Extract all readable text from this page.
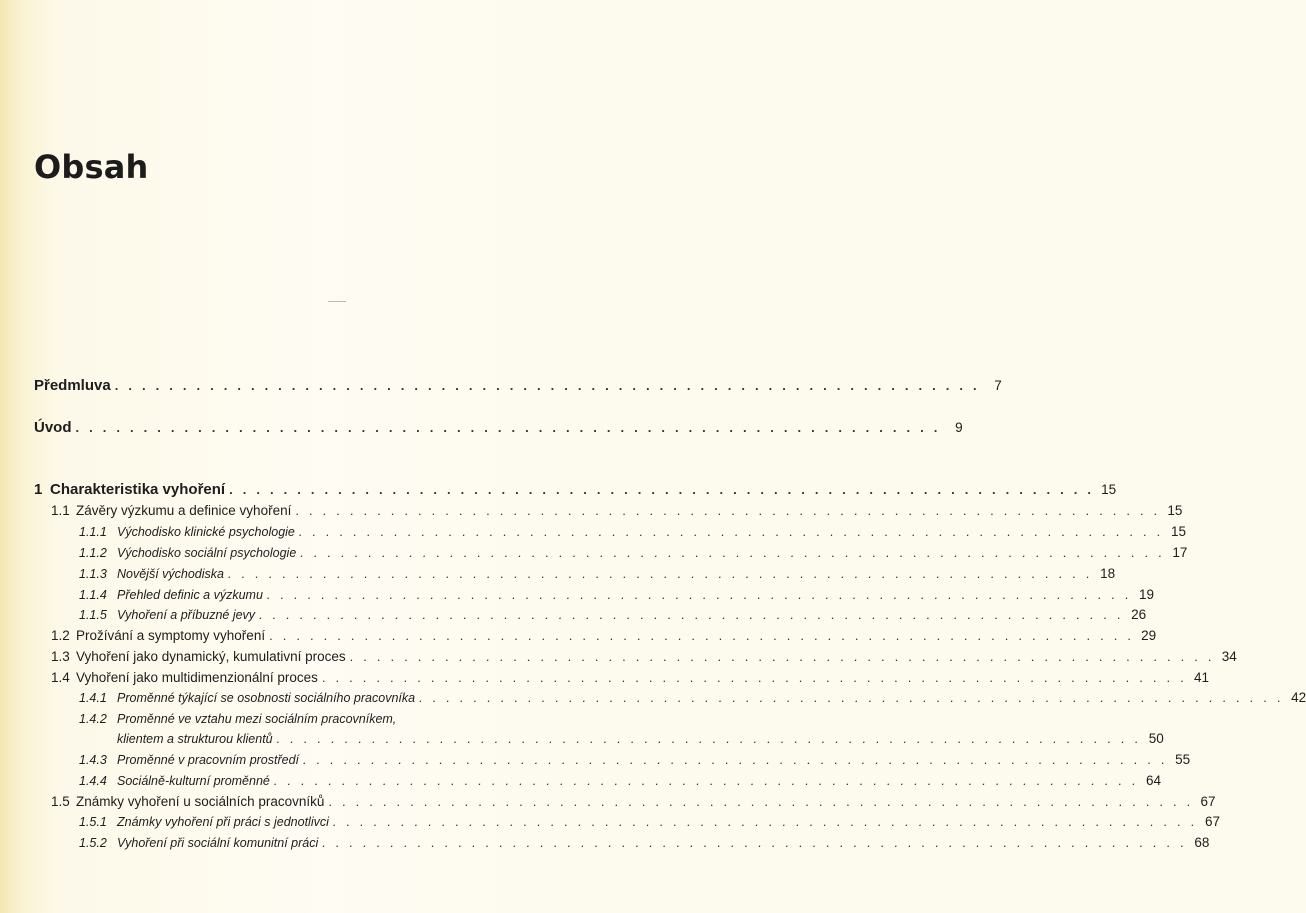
Obsah
Předmluva . . .	7
Úvod . . .	9
1 Charakteristika vyhoření . . .	15
1.1 Závěry výzkumu a definice vyhoření . . .	15
1.1.1 Východisko klinické psychologie . . .	15
1.1.2 Východisko sociální psychologie . . .	17
1.1.3 Novější východiska . . .	18
1.1.4 Přehled definic a výzkumu . . .	19
1.1.5 Vyhoření a příbuzné jevy . . .	26
1.2 Prožívání a symptomy vyhoření . . .	29
1.3 Vyhoření jako dynamický, kumulativní proces . . .	34
1.4 Vyhoření jako multidimenzionální proces . . .	41
1.4.1 Proměnné týkající se osobnosti sociálního pracovníka . . .	42
1.4.2 Proměnné ve vztahu mezi sociálním pracovníkem,
klientem a strukturou klientů . . .	50
1.4.3 Proměnné v pracovním prostředí . . .	55
1.4.4 Sociálně-kulturní proměnné . . .	64
1.5 Známky vyhoření u sociálních pracovníků . . .	67
1.5.1 Známky vyhoření při práci s jednotlivci . . .	67
1.5.2 Vyhoření při sociální komunitní práci . . .	68
